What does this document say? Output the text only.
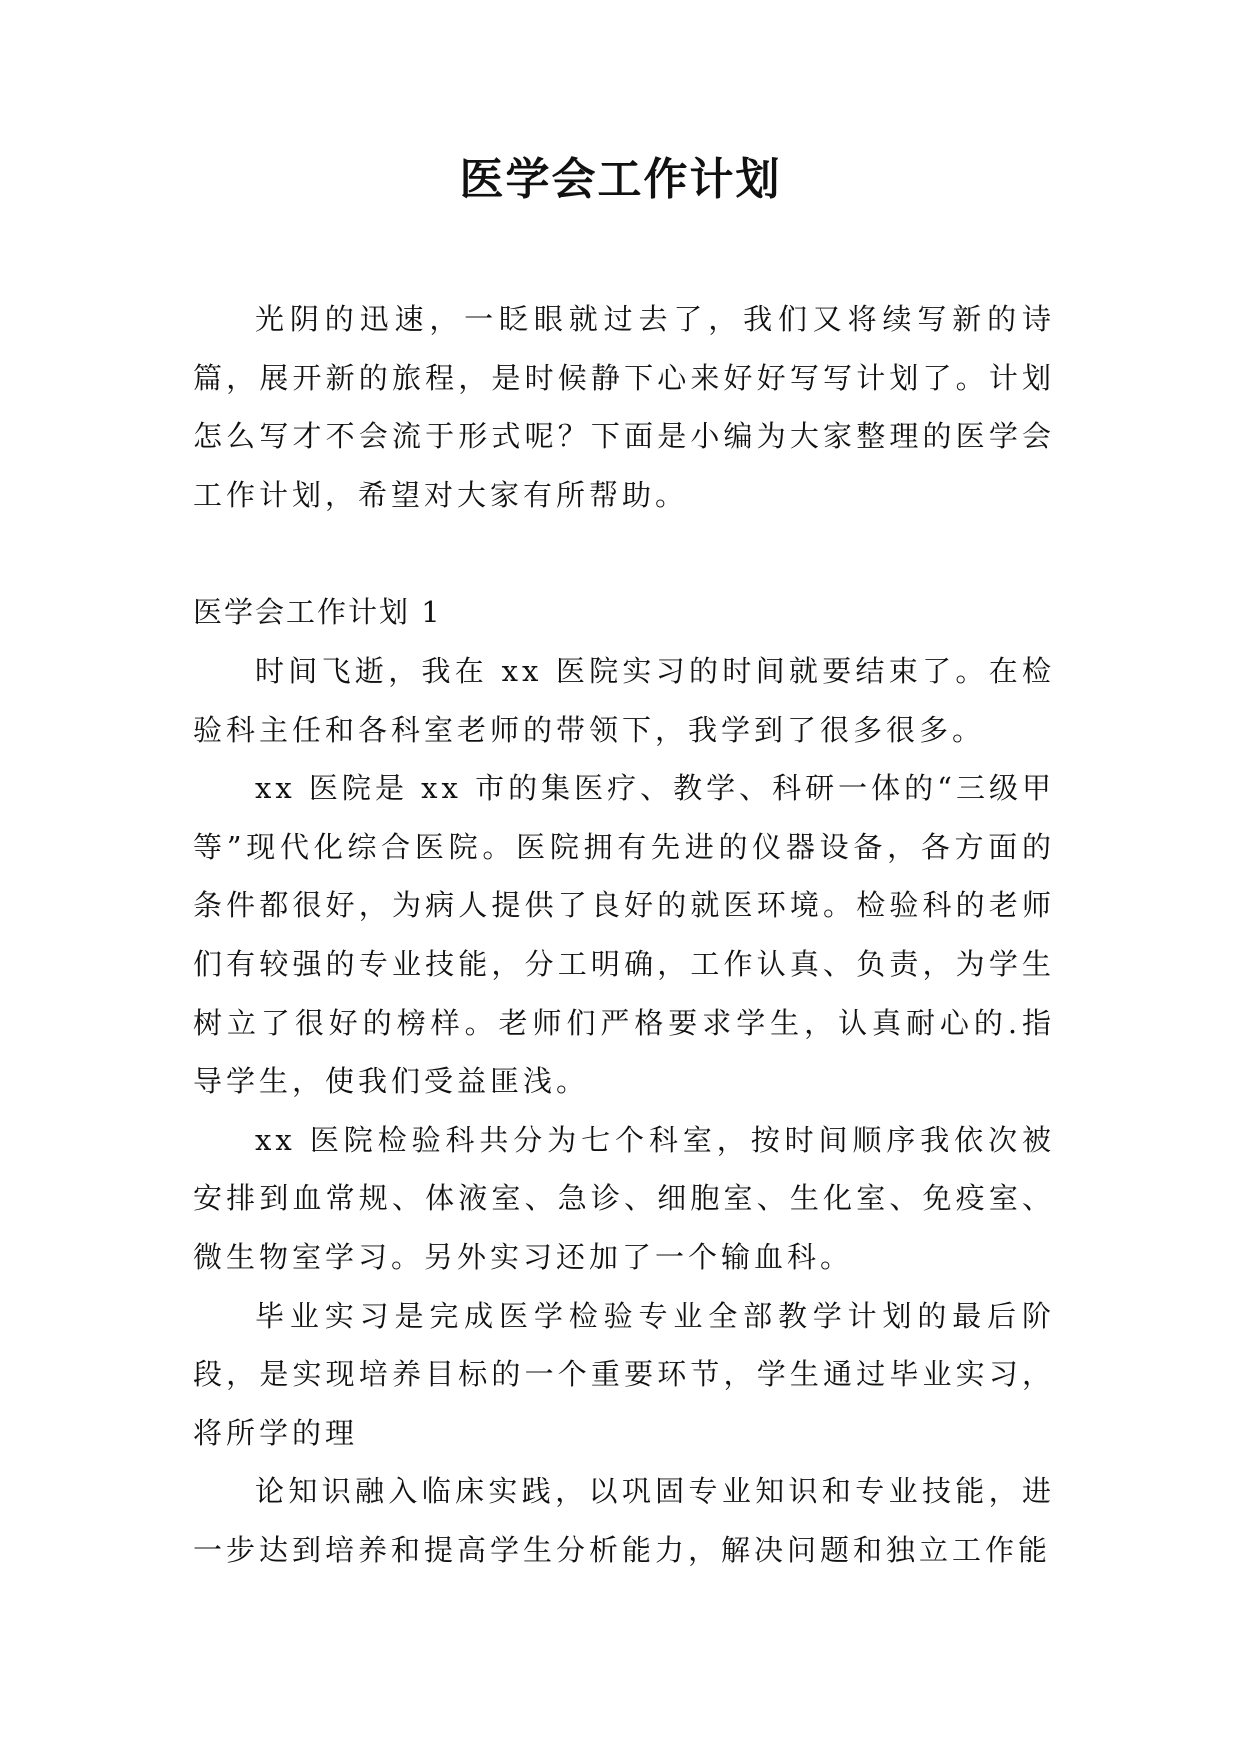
医学会工作计划

光阴的迅速，一眨眼就过去了，我们又将续写新的诗篇，展开新的旅程，是时候静下心来好好写写计划了。计划怎么写才不会流于形式呢？下面是小编为大家整理的医学会工作计划，希望对大家有所帮助。

医学会工作计划 1

时间飞逝，我在 xx 医院实习的时间就要结束了。在检验科主任和各科室老师的带领下，我学到了很多很多。

xx 医院是 xx 市的集医疗、教学、科研一体的“三级甲等”现代化综合医院。医院拥有先进的仪器设备，各方面的条件都很好，为病人提供了良好的就医环境。检验科的老师们有较强的专业技能，分工明确，工作认真、负责，为学生树立了很好的榜样。老师们严格要求学生，认真耐心的.指导学生，使我们受益匪浅。

xx 医院检验科共分为七个科室，按时间顺序我依次被安排到血常规、体液室、急诊、细胞室、生化室、免疫室、微生物室学习。另外实习还加了一个输血科。

毕业实习是完成医学检验专业全部教学计划的最后阶段，是实现培养目标的一个重要环节，学生通过毕业实习，将所学的理

论知识融入临床实践，以巩固专业知识和专业技能，进一步达到培养和提高学生分析能力，解决问题和独立工作能
